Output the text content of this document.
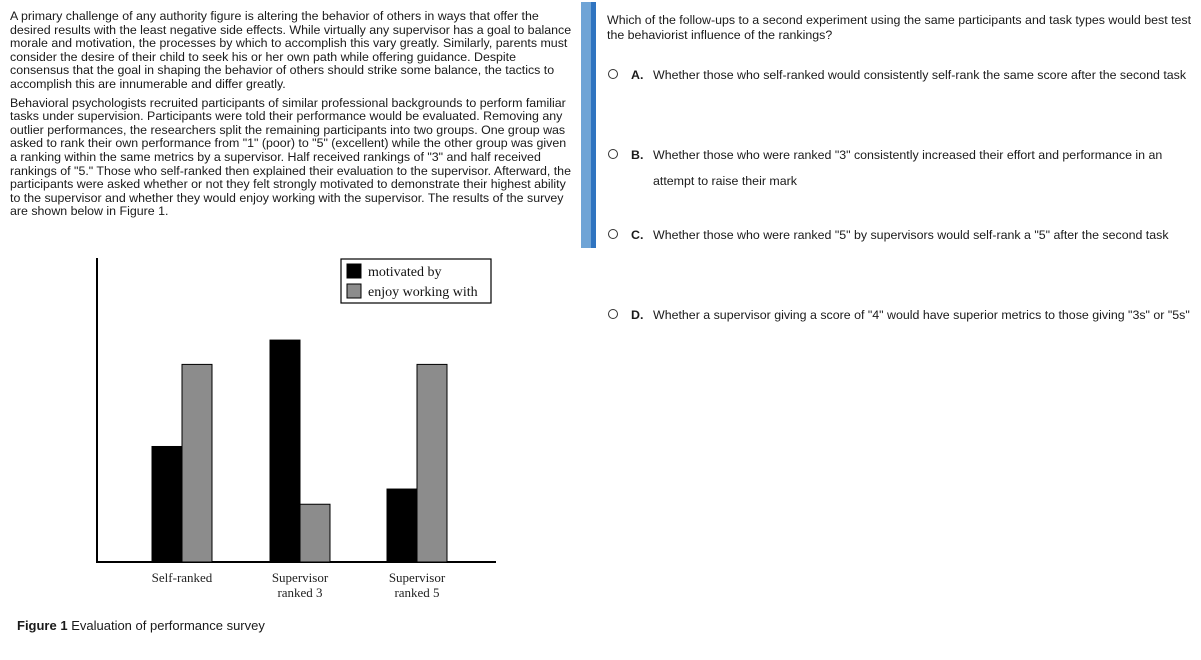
A primary challenge of any authority figure is altering the behavior of others in ways that offer the desired results with the least negative side effects. While virtually any supervisor has a goal to balance morale and motivation, the processes by which to accomplish this vary greatly. Similarly, parents must consider the desire of their child to seek his or her own path while offering guidance. Despite consensus that the goal in shaping the behavior of others should strike some balance, the tactics to accomplish this are innumerable and differ greatly.

Behavioral psychologists recruited participants of similar professional backgrounds to perform familiar tasks under supervision. Participants were told their performance would be evaluated. Removing any outlier performances, the researchers split the remaining participants into two groups. One group was asked to rank their own performance from "1" (poor) to "5" (excellent) while the other group was given a ranking within the same metrics by a supervisor. Half received rankings of "3" and half received rankings of "5." Those who self-ranked then explained their evaluation to the supervisor. Afterward, the participants were asked whether or not they felt strongly motivated to demonstrate their highest ability to the supervisor and whether they would enjoy working with the supervisor. The results of the survey are shown below in Figure 1.

motivated by
enjoy working with
Self-ranked	Supervisor
ranked 3
Supervisor
ranked 5
Figure 1 Evaluation of performance survey

Which of the follow-ups to a second experiment using the same participants and task types would best test the behaviorist influence of the rankings?

A. Whether those who self-ranked would consistently self-rank the same score after the second task
B. Whether those who were ranked "3" consistently increased their effort and performance in an attempt to raise their mark
C. Whether those who were ranked "5" by supervisors would self-rank a "5" after the second task
D. Whether a supervisor giving a score of "4" would have superior metrics to those giving "3s" or "5s"
